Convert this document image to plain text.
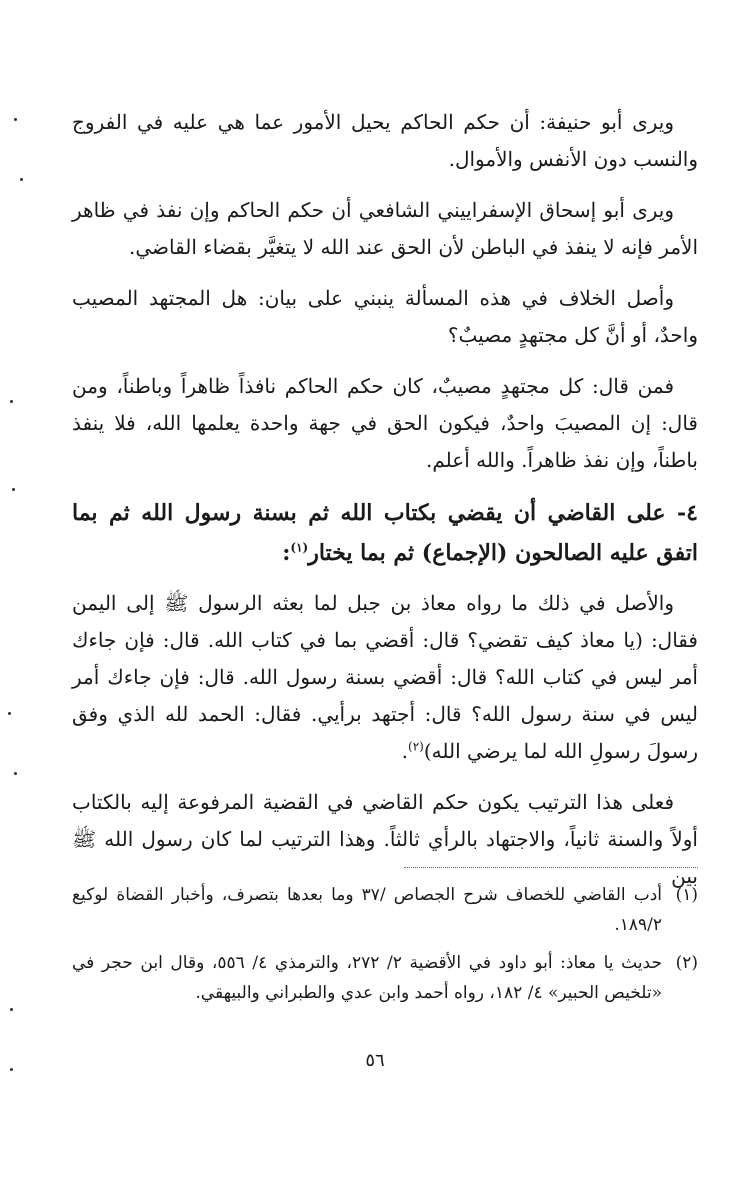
ويرى أبو حنيفة: أن حكم الحاكم يحيل الأمور عما هي عليه في الفروج والنسب دون الأنفس والأموال.

ويرى أبو إسحاق الإسفراييني الشافعي أن حكم الحاكم وإن نفذ في ظاهر الأمر فإنه لا ينفذ في الباطن لأن الحق عند الله لا يتغيَّر بقضاء القاضي.

وأصل الخلاف في هذه المسألة ينبني على بيان: هل المجتهد المصيب واحدٌ، أو أنَّ كل مجتهدٍ مصيبٌ؟

فمن قال: كل مجتهدٍ مصيبٌ، كان حكم الحاكم نافذاً ظاهراً وباطناً، ومن قال: إن المصيبَ واحدٌ، فيكون الحق في جهة واحدة يعلمها الله، فلا ينفذ باطناً، وإن نفذ ظاهراً. والله أعلم.

٤- على القاضي أن يقضي بكتاب الله ثم بسنة رسول الله ثم بما اتفق عليه الصالحون (الإجماع) ثم بما يختار$^{(١)}$:

والأصل في ذلك ما رواه معاذ بن جبل لما بعثه الرسول ﷺ إلى اليمن فقال: (يا معاذ كيف تقضي؟ قال: أقضي بما في كتاب الله. قال: فإن جاءك أمر ليس في كتاب الله؟ قال: أقضي بسنة رسول الله. قال: فإن جاءك أمر ليس في سنة رسول الله؟ قال: أجتهد برأيي. فقال: الحمد لله الذي وفق رسولَ رسولِ الله لما يرضي الله)$^{(٢)}$.

فعلى هذا الترتيب يكون حكم القاضي في القضية المرفوعة إليه بالكتاب أولاً والسنة ثانياً، والاجتهاد بالرأي ثالثاً. وهذا الترتيب لما كان رسول الله ﷺ بين

(١)
أدب القاضي للخصاف شرح الجصاص /٣٧ وما بعدها بتصرف، وأخبار القضاة لوكيع ١٨٩/٢.
(٢)
حديث يا معاذ: أبو داود في الأقضية ٢/ ٢٧٢، والترمذي ٤/ ٥٥٦، وقال ابن حجر في «تلخيص الحبير» ٤/ ١٨٢، رواه أحمد وابن عدي والطبراني والبيهقي.
٥٦
